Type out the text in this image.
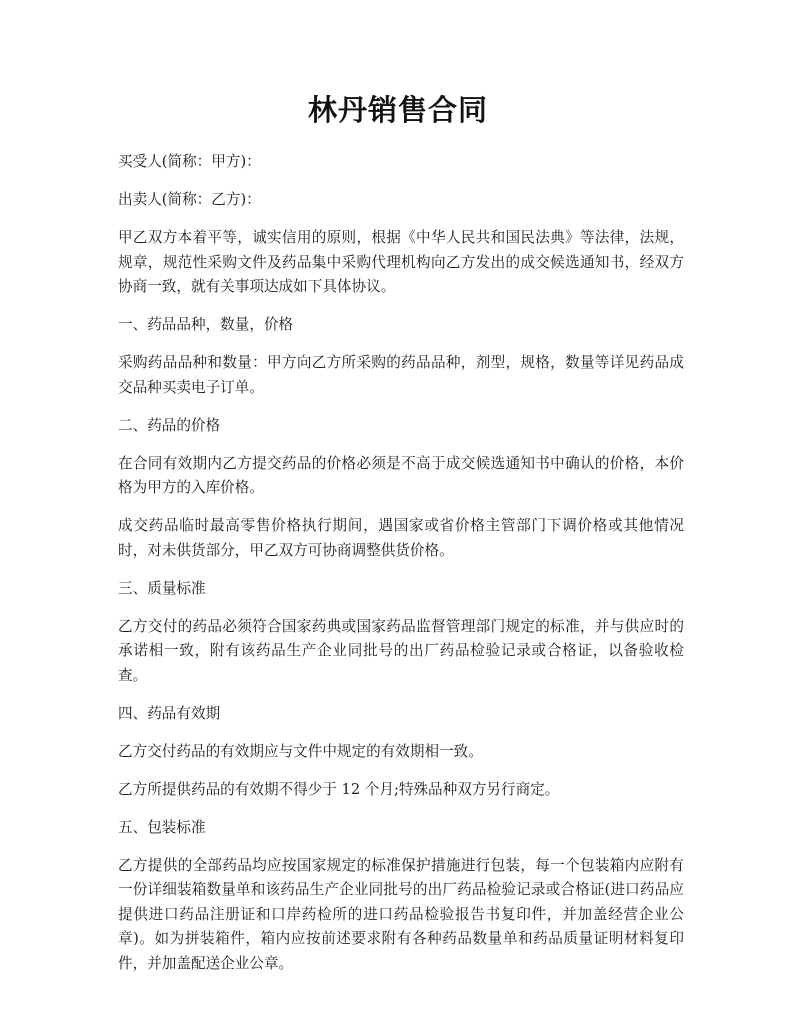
林丹销售合同

买受人(简称：甲方)：

出卖人(简称：乙方)：

甲乙双方本着平等，诚实信用的原则，根据《中华人民共和国民法典》等法律，法规，规章，规范性采购文件及药品集中采购代理机构向乙方发出的成交候选通知书，经双方协商一致，就有关事项达成如下具体协议。

一、药品品种，数量，价格

采购药品品种和数量：甲方向乙方所采购的药品品种，剂型，规格，数量等详见药品成交品种买卖电子订单。

二、药品的价格

在合同有效期内乙方提交药品的价格必须是不高于成交候选通知书中确认的价格，本价格为甲方的入库价格。

成交药品临时最高零售价格执行期间，遇国家或省价格主管部门下调价格或其他情况时，对未供货部分，甲乙双方可协商调整供货价格。

三、质量标准

乙方交付的药品必须符合国家药典或国家药品监督管理部门规定的标准，并与供应时的承诺相一致，附有该药品生产企业同批号的出厂药品检验记录或合格证，以备验收检查。

四、药品有效期

乙方交付药品的有效期应与文件中规定的有效期相一致。

乙方所提供药品的有效期不得少于 12 个月;特殊品种双方另行商定。

五、包装标准

乙方提供的全部药品均应按国家规定的标准保护措施进行包装，每一个包装箱内应附有一份详细装箱数量单和该药品生产企业同批号的出厂药品检验记录或合格证(进口药品应提供进口药品注册证和口岸药检所的进口药品检验报告书复印件，并加盖经营企业公章)。如为拼装箱件，箱内应按前述要求附有各种药品数量单和药品质量证明材料复印件，并加盖配送企业公章。
